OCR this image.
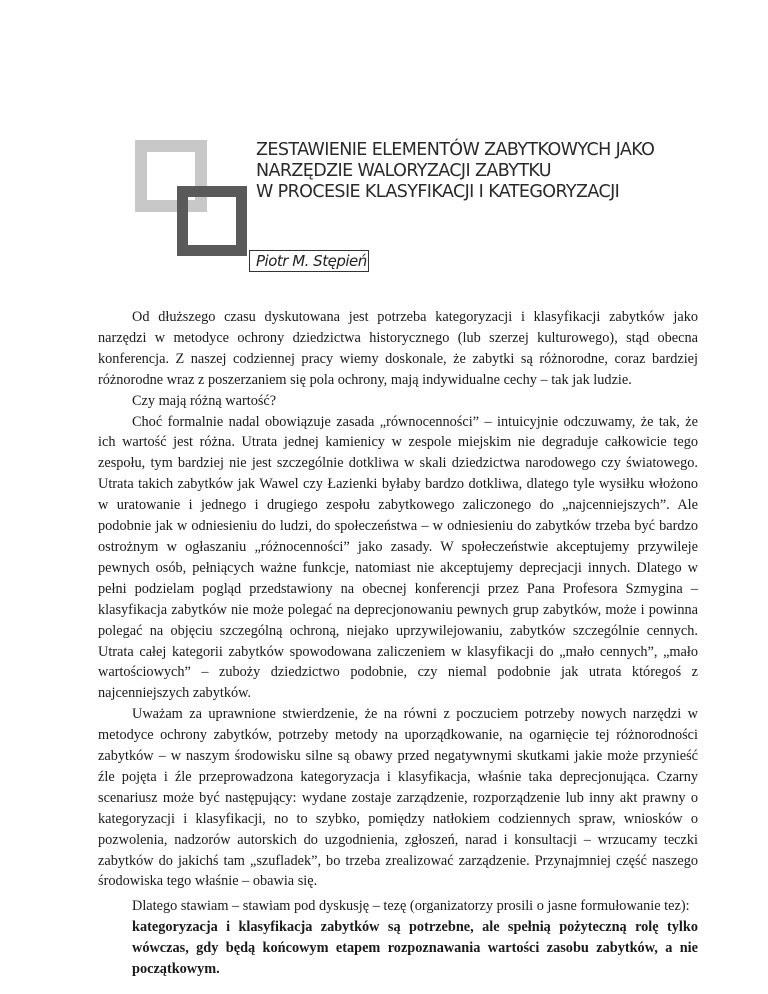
ZESTAWIENIE ELEMENTÓW ZABYTKOWYCH JAKO
NARZĘDZIE WALORYZACJI ZABYTKU
W PROCESIE KLASYFIKACJI I KATEGORYZACJI
Piotr M. Stępień

Od dłuższego czasu dyskutowana jest potrzeba kategoryzacji i klasyfikacji zabytków jako narzędzi w metodyce ochrony dziedzictwa historycznego (lub szerzej kulturowego), stąd obecna konferencja. Z naszej codziennej pracy wiemy doskonale, że zabytki są różnorodne, coraz bardziej różnorodne wraz z poszerzaniem się pola ochrony, mają indywidualne cechy – tak jak ludzie.

Czy mają różną wartość?

Choć formalnie nadal obowiązuje zasada „równocenności” – intuicyjnie odczuwamy, że tak, że ich wartość jest różna. Utrata jednej kamienicy w zespole miejskim nie degraduje całkowicie tego zespołu, tym bardziej nie jest szczególnie dotkliwa w skali dziedzictwa narodowego czy światowego. Utrata takich zabytków jak Wawel czy Łazienki byłaby bardzo dotkliwa, dlatego tyle wysiłku włożono w uratowanie i jednego i drugiego zespołu zabytkowego zaliczonego do „najcenniejszych”. Ale podobnie jak w odniesieniu do ludzi, do społeczeństwa – w odniesieniu do zabytków trzeba być bardzo ostrożnym w ogłaszaniu „różnocenności” jako zasady. W społeczeństwie akceptujemy przywileje pewnych osób, pełniących ważne funkcje, natomiast nie akceptujemy deprecjacji innych. Dlatego w pełni podzielam pogląd przedstawiony na obecnej konferencji przez Pana Profesora Szmygina – klasyfikacja zabytków nie może polegać na deprecjonowaniu pewnych grup zabytków, może i powinna polegać na objęciu szczególną ochroną, niejako uprzywilejowaniu, zabytków szczególnie cennych. Utrata całej kategorii zabytków spowodowana zaliczeniem w klasyfikacji do „mało cennych”, „mało wartościowych” – zuboży dziedzictwo podobnie, czy niemal podobnie jak utrata któregoś z najcenniejszych zabytków.

Uważam za uprawnione stwierdzenie, że na równi z poczuciem potrzeby nowych narzędzi w metodyce ochrony zabytków, potrzeby metody na uporządkowanie, na ogarnięcie tej różnorodności zabytków – w naszym środowisku silne są obawy przed negatywnymi skutkami jakie może przynieść źle pojęta i źle przeprowadzona kategoryzacja i klasyfikacja, właśnie taka deprecjonująca. Czarny scenariusz może być następujący: wydane zostaje zarządzenie, rozporządzenie lub inny akt prawny o kategoryzacji i klasyfikacji, no to szybko, pomiędzy natłokiem codziennych spraw, wniosków o pozwolenia, nadzorów autorskich do uzgodnienia, zgłoszeń, narad i konsultacji – wrzucamy teczki zabytków do jakichś tam „szufladek”, bo trzeba zrealizować zarządzenie. Przynajmniej część naszego środowiska tego właśnie – obawia się.

Dlatego stawiam – stawiam pod dyskusję – tezę (organizatorzy prosili o jasne formułowanie tez):

kategoryzacja i klasyfikacja zabytków są potrzebne, ale spełnią pożyteczną rolę tylko wówczas, gdy będą końcowym etapem rozpoznawania wartości zasobu zabytków, a nie początkowym.
